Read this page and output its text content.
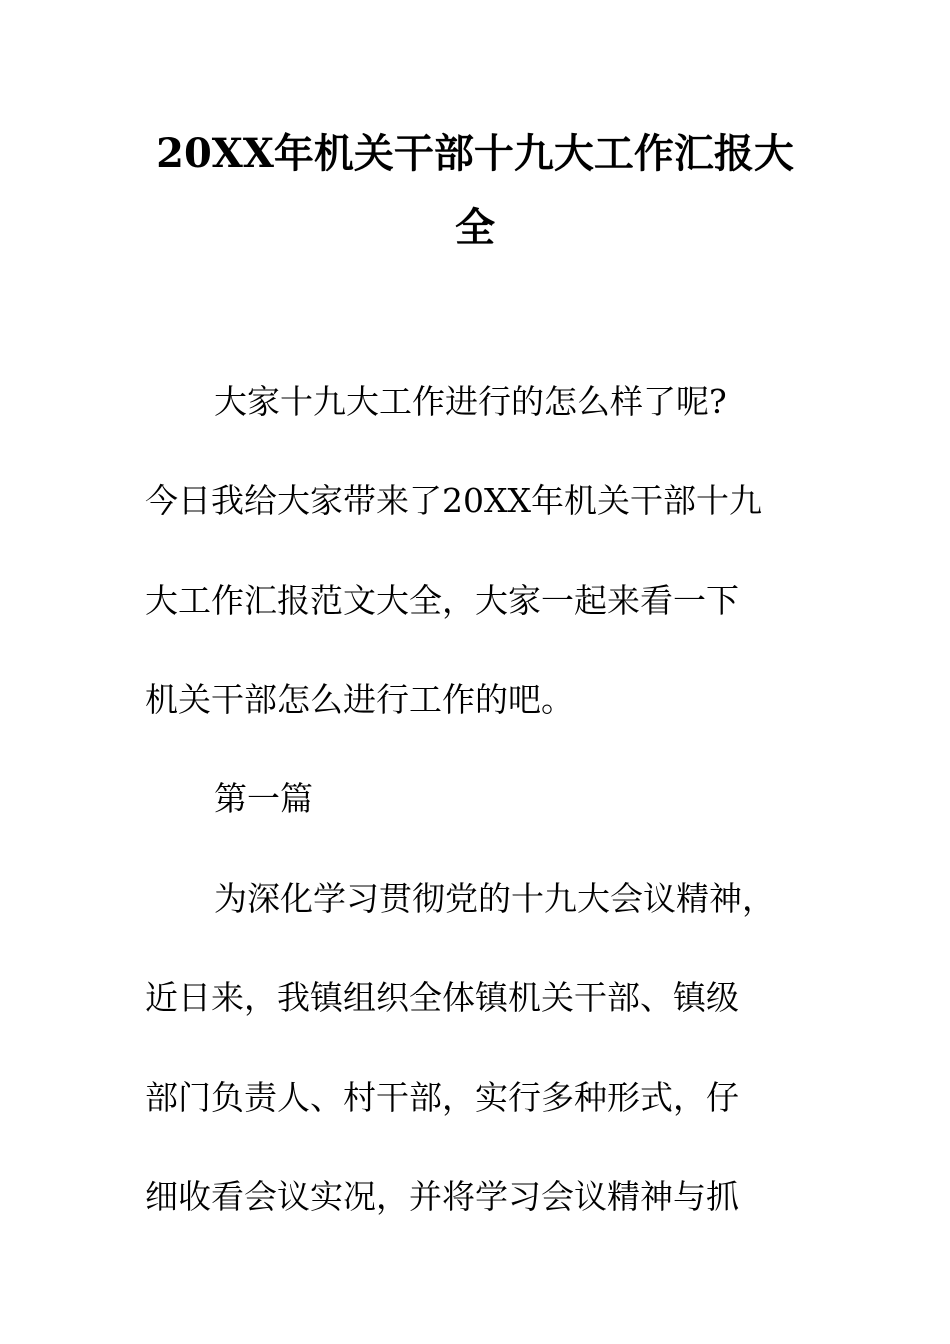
20XX年机关干部十九大工作汇报大
全
大家十九大工作进行的怎么样了呢?
今日我给大家带来了20XX年机关干部十九
大工作汇报范文大全，大家一起来看一下
机关干部怎么进行工作的吧。
第一篇
为深化学习贯彻党的十九大会议精神，
近日来，我镇组织全体镇机关干部、镇级
部门负责人、村干部，实行多种形式，仔
细收看会议实况，并将学习会议精神与抓
